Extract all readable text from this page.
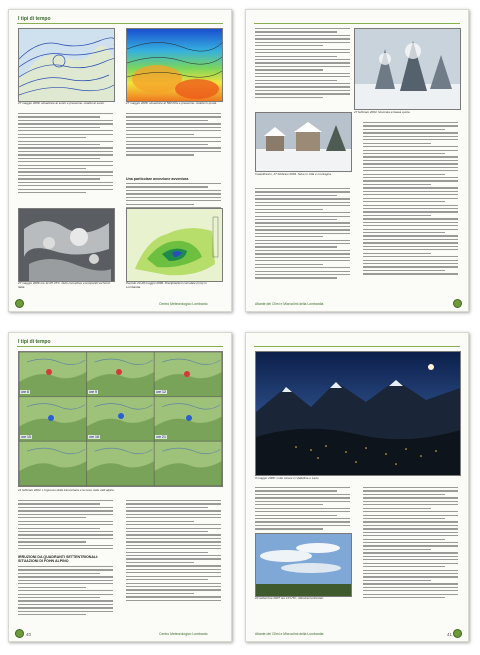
I tipi di tempo
27 maggio 2006: situazione al suolo e pressione. Analisi al suolo.	27 maggio 2006: situazione al 500 hPa e pressione. Analisi in quota.
Una particolare avvezione avventura
27 maggio 2006 ore 11.05 UTC. Nubi convettive e temporali sul Nord Italia.
Periodo 23-28 maggio 2006. Precipitazioni cumulate (mm) in Lombardia.
Centro Meteorologico Lombardo
27 febbraio 2004. Nevicata a bassa quota.
Castelfranco, 27 febbraio 2004. Neve in citta e montagna.
Atlante dei Climi e Microclimi della Lombardia
I tipi di tempo
ore 6	ore 9	ore 12
ore 15	ore 18	ore 21
21 febbraio 2004. L'ingresso della tramontana e la neve nelle valli alpine.
IRRUZIONI DA QUADRANTI SETTENTRIONALI: SITUAZIONI DI FOHN ALPINO
40	Centro Meteorologico Lombardo
3 maggio 2006: notte lunare in Valtellina e Lario.
10 settembre 2007 ore 10 UTC. Altostrati lenticolari.
Atlante dei Climi e Microclimi della Lombardia	41
